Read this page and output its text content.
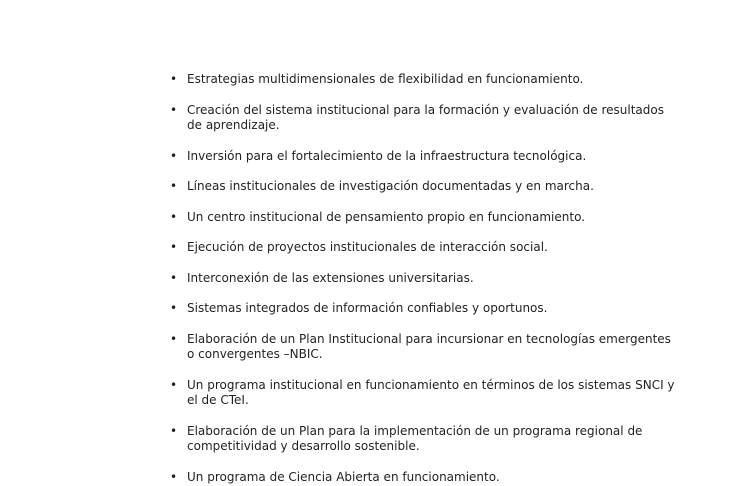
• Estrategias multidimensionales de flexibilidad en funcionamiento.
• Creación del sistema institucional para la formación y evaluación de resultados de aprendizaje.
• Inversión para el fortalecimiento de la infraestructura tecnológica.
• Líneas institucionales de investigación documentadas y en marcha.
• Un centro institucional de pensamiento propio en funcionamiento.
• Ejecución de proyectos institucionales de interacción social.
• Interconexión de las extensiones universitarias.
• Sistemas integrados de información confiables y oportunos.
• Elaboración de un Plan Institucional para incursionar en tecnologías emergentes o convergentes –NBIC.
• Un programa institucional en funcionamiento en términos de los sistemas SNCI y el de CTeI.
• Elaboración de un Plan para la implementación de un programa regional de competitividad y desarrollo sostenible.
• Un programa de Ciencia Abierta en funcionamiento.
